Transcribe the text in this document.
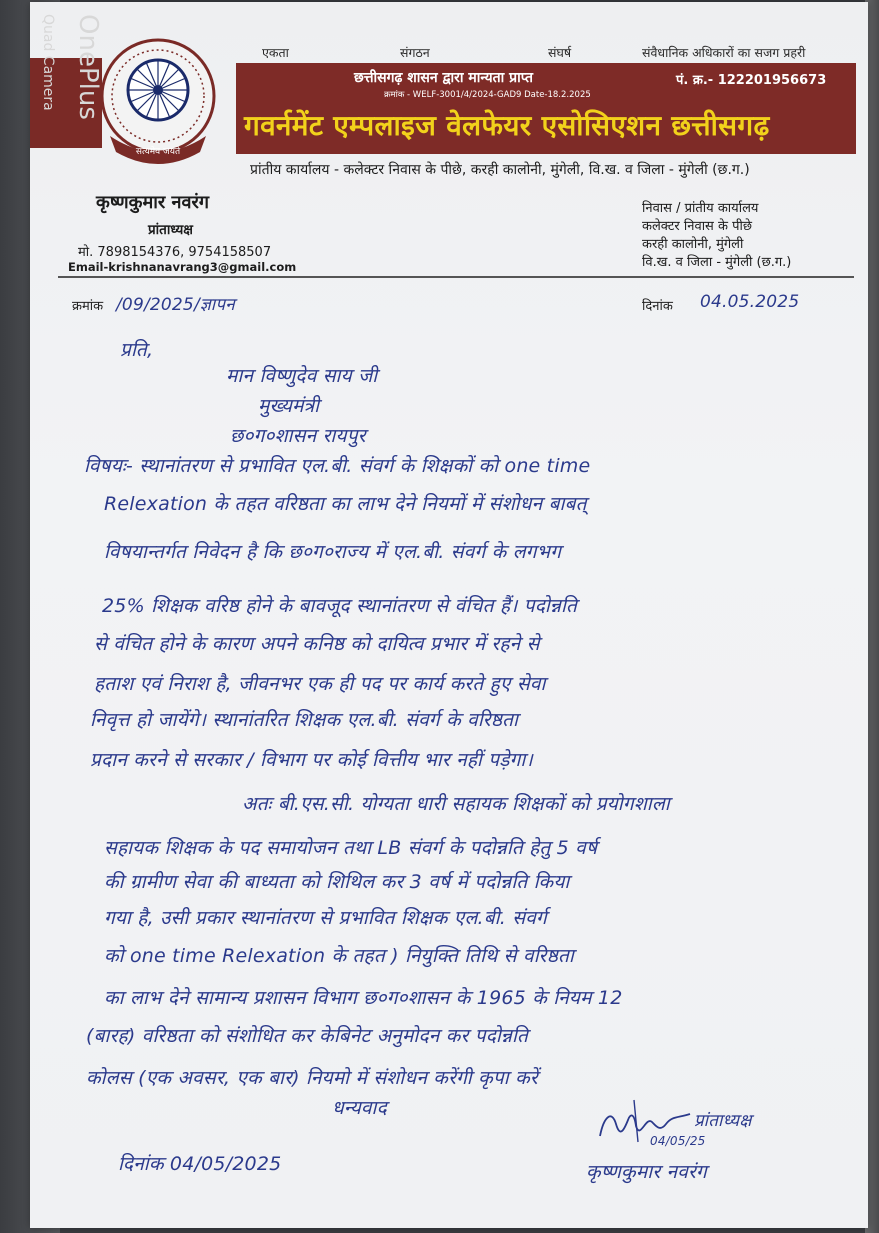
OnePlus
Quad Camera
सत्यमेव जयते
एकता	संगठन	संघर्ष	संवैधानिक अधिकारों का सजग प्रहरी
छत्तीसगढ़ शासन द्वारा मान्यता प्राप्त
क्रमांक - WELF-3001/4/2024-GAD9 Date-18.2.2025
पं. क्र.- 122201956673
गवर्नमेंट एम्पलाइज वेलफेयर एसोसिएशन छत्तीसगढ़
प्रांतीय कार्यालय - कलेक्टर निवास के पीछे, करही कालोनी, मुंगेली, वि.ख. व जिला - मुंगेली (छ.ग.)
कृष्णकुमार नवरंग
प्रांताध्यक्ष
मो. 7898154376, 9754158507
Email-krishnanavrang3@gmail.com
निवास / प्रांतीय कार्यालय
कलेक्टर निवास के पीछे
करही कालोनी, मुंगेली
वि.ख. व जिला - मुंगेली (छ.ग.)
क्रमांक /09/2025/ज्ञापन	दिनांक 04.05.2025
प्रति,
मान विष्णुदेव साय जी
मुख्यमंत्री
छ०ग०शासन रायपुर
विषयः- स्थानांतरण से प्रभावित एल.बी. संवर्ग के शिक्षकों को one time
Relexation के तहत वरिष्ठता का लाभ देने नियमों में संशोधन बाबत्
विषयान्तर्गत निवेदन है कि छ०ग०राज्य में एल.बी. संवर्ग के लगभग
25% शिक्षक वरिष्ठ होने के बावजूद स्थानांतरण से वंचित हैं। पदोन्नति
से वंचित होने के कारण अपने कनिष्ठ को दायित्व प्रभार में रहने से
हताश एवं निराश है, जीवनभर एक ही पद पर कार्य करते हुए सेवा
निवृत्त हो जायेंगे। स्थानांतरित शिक्षक एल.बी. संवर्ग के वरिष्ठता
प्रदान करने से सरकार / विभाग पर कोई वित्तीय भार नहीं पड़ेगा।
अतः बी.एस.सी. योग्यता धारी सहायक शिक्षकों को प्रयोगशाला
सहायक शिक्षक के पद समायोजन तथा LB संवर्ग के पदोन्नति हेतु 5 वर्ष
की ग्रामीण सेवा की बाध्यता को शिथिल कर 3 वर्ष में पदोन्नति किया
गया है, उसी प्रकार स्थानांतरण से प्रभावित शिक्षक एल.बी. संवर्ग
को one time Relexation के तहत ) नियुक्ति तिथि से वरिष्ठता
का लाभ देने सामान्य प्रशासन विभाग छ०ग०शासन के 1965 के नियम 12
(बारह) वरिष्ठता को संशोधित कर केबिनेट अनुमोदन कर पदोन्नति
कोलस (एक अवसर, एक बार) नियमो में संशोधन करेंगी कृपा करें
धन्यवाद
प्रांताध्यक्ष
04/05/25
कृष्णकुमार नवरंग
दिनांक 04/05/2025
